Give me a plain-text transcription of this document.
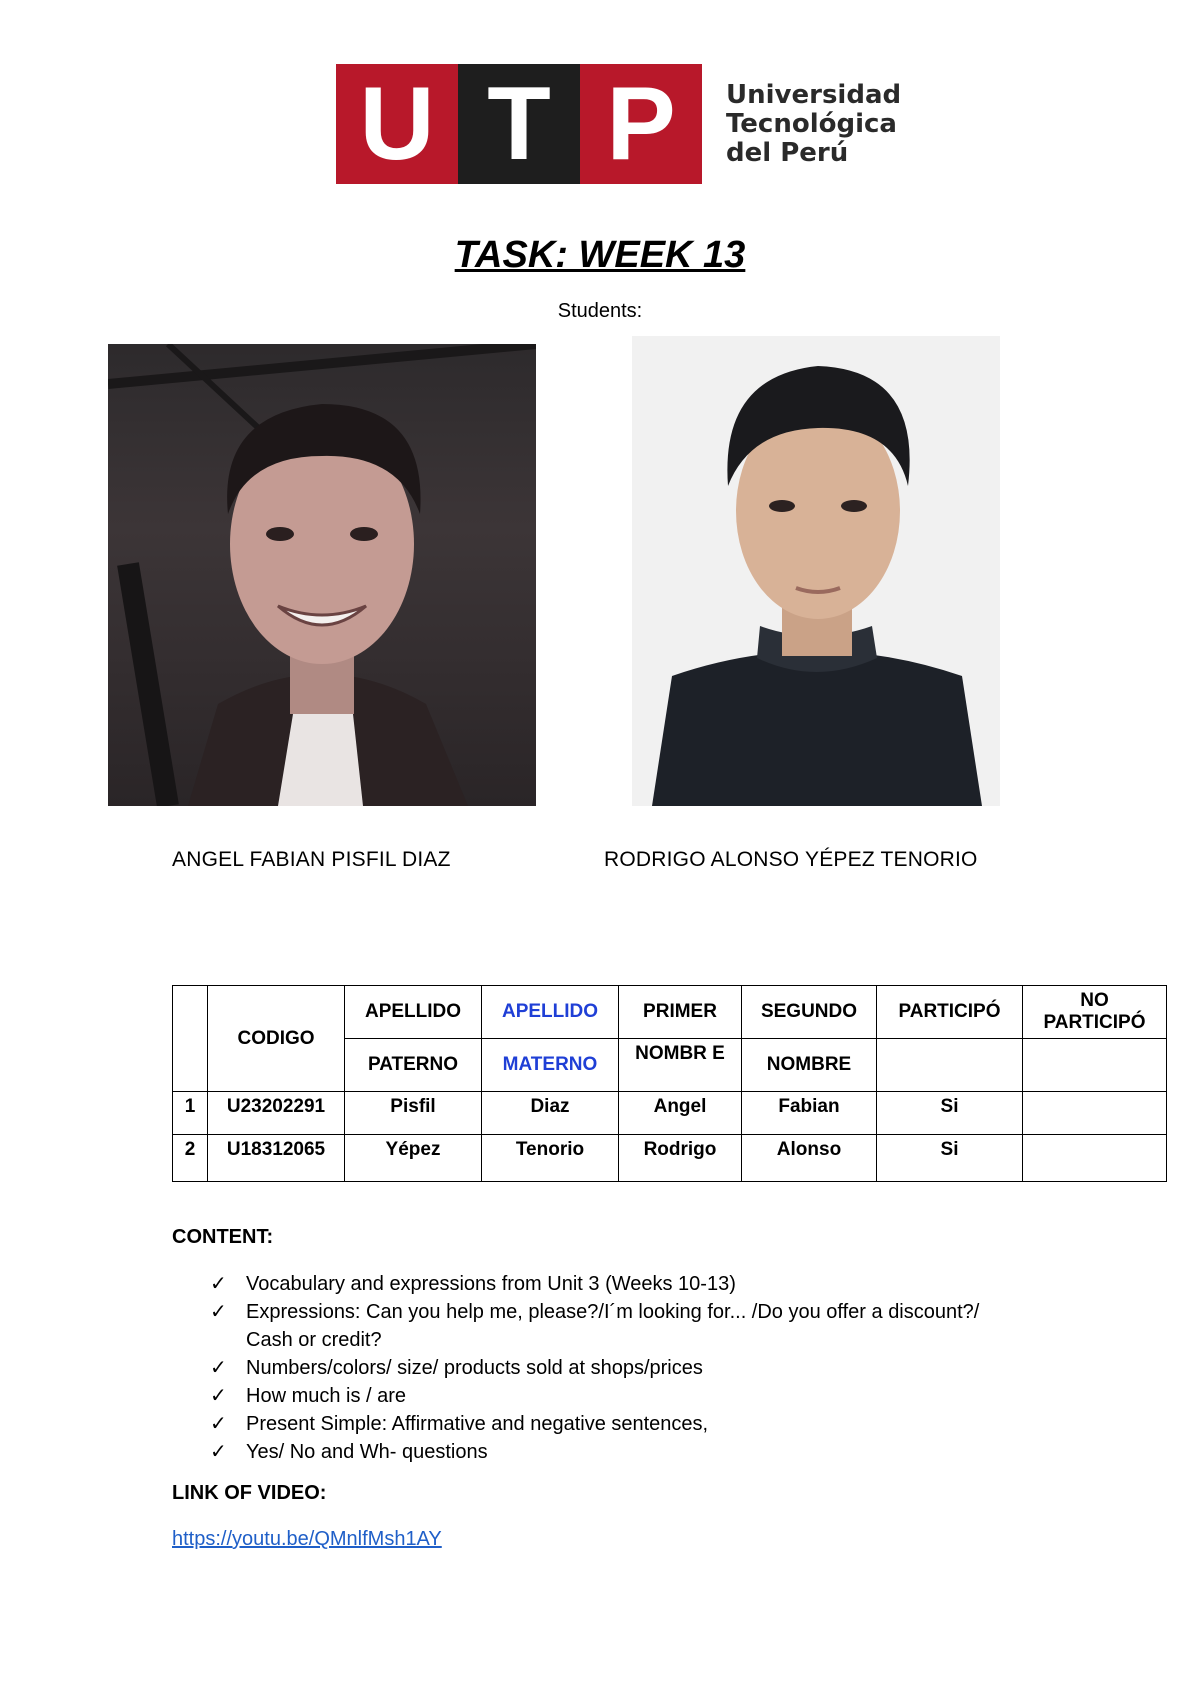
U T P	Universidad
Tecnológica
del Perú
TASK: WEEK 13
Students:
ANGEL FABIAN PISFIL DIAZ	RODRIGO ALONSO YÉPEZ TENORIO
	CODIGO	APELLIDO	APELLIDO	PRIMER	SEGUNDO	PARTICIPÓ	NO PARTICIPÓ
		PATERNO	MATERNO	NOMBR E	NOMBRE		
1	U23202291	Pisfil	Diaz	Angel	Fabian	Si	
2	U18312065	Yépez	Tenorio	Rodrigo	Alonso	Si	
CONTENT:
✓ Vocabulary and expressions from Unit 3 (Weeks 10-13)
✓ Expressions: Can you help me, please?/I´m looking for... /Do you offer a discount?/ Cash or credit?
✓ Numbers/colors/ size/ products sold at shops/prices
✓ How much is / are
✓ Present Simple: Affirmative and negative sentences,
✓ Yes/ No and Wh- questions
LINK OF VIDEO:
https://youtu.be/QMnlfMsh1AY
